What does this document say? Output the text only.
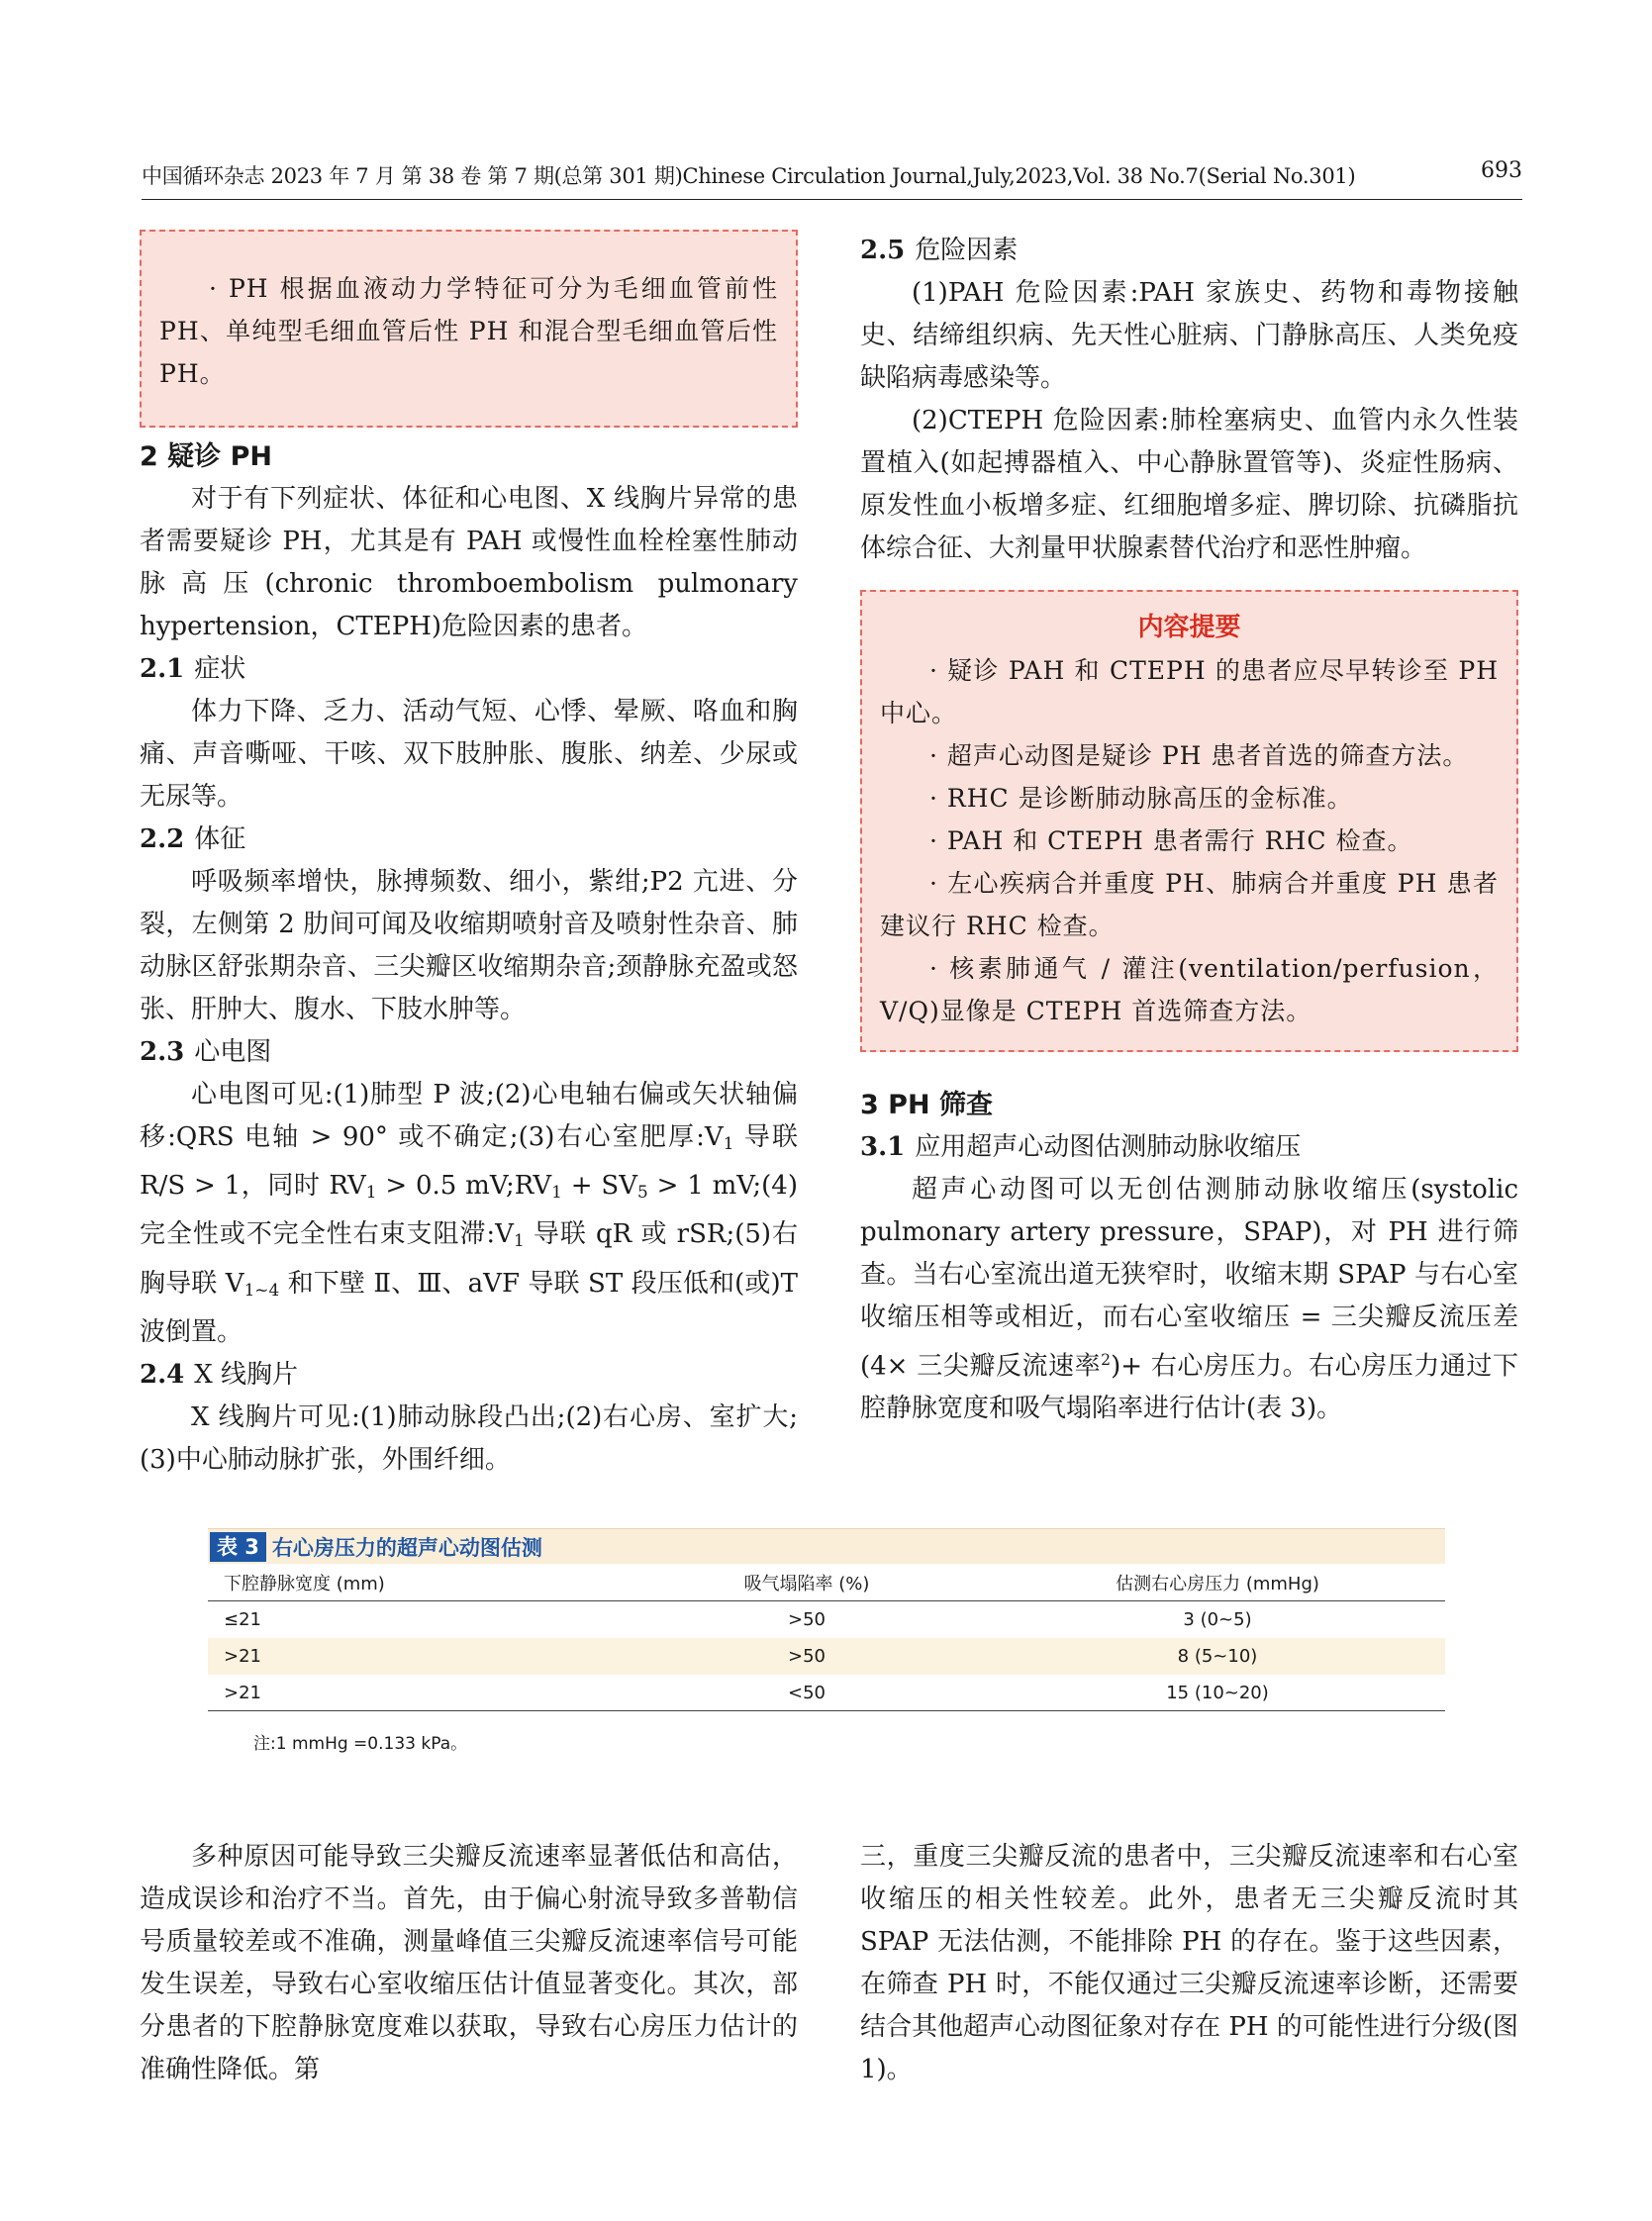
中国循环杂志 2023 年 7 月 第 38 卷 第 7 期(总第 301 期)Chinese Circulation Journal,July,2023,Vol. 38 No.7(Serial No.301)	693

· PH 根据血液动力学特征可分为毛细血管前性 PH、单纯型毛细血管后性 PH 和混合型毛细血管后性 PH。

2 疑诊 PH

对于有下列症状、体征和心电图、X 线胸片异常的患者需要疑诊 PH，尤其是有 PAH 或慢性血栓栓塞性肺动脉高压(chronic thromboembolism pulmonary hypertension，CTEPH)危险因素的患者。

2.1 症状

体力下降、乏力、活动气短、心悸、晕厥、咯血和胸痛、声音嘶哑、干咳、双下肢肿胀、腹胀、纳差、少尿或无尿等。

2.2 体征

呼吸频率增快，脉搏频数、细小，紫绀;P2 亢进、分裂，左侧第 2 肋间可闻及收缩期喷射音及喷射性杂音、肺动脉区舒张期杂音、三尖瓣区收缩期杂音;颈静脉充盈或怒张、肝肿大、腹水、下肢水肿等。

2.3 心电图

心电图可见:(1)肺型 P 波;(2)心电轴右偏或矢状轴偏移:QRS 电轴 > 90° 或不确定;(3)右心室肥厚$:V_1$ 导联 R/S > 1，同时 $RV_1 > 0.5$ $mV;RV_1 + SV_5 > 1$ mV;(4)完全性或不完全性右束支阻滞$:V_1$ 导联 qR 或 rSR;(5)右胸导联 $V_{1\sim 4}$ 和下壁 Ⅱ、Ⅲ、aVF 导联 ST 段压低和(或)T 波倒置。

2.4 X 线胸片

X 线胸片可见:(1)肺动脉段凸出;(2)右心房、室扩大;(3)中心肺动脉扩张，外围纤细。

2.5 危险因素

(1)PAH 危险因素:PAH 家族史、药物和毒物接触史、结缔组织病、先天性心脏病、门静脉高压、人类免疫缺陷病毒感染等。

(2)CTEPH 危险因素:肺栓塞病史、血管内永久性装置植入(如起搏器植入、中心静脉置管等)、炎症性肠病、原发性血小板增多症、红细胞增多症、脾切除、抗磷脂抗体综合征、大剂量甲状腺素替代治疗和恶性肿瘤。

内容提要

· 疑诊 PAH 和 CTEPH 的患者应尽早转诊至 PH 中心。

· 超声心动图是疑诊 PH 患者首选的筛查方法。

· RHC 是诊断肺动脉高压的金标准。

· PAH 和 CTEPH 患者需行 RHC 检查。

· 左心疾病合并重度 PH、肺病合并重度 PH 患者建议行 RHC 检查。

· 核素肺通气 / 灌注(ventilation/perfusion，V/Q)显像是 CTEPH 首选筛查方法。

3 PH 筛查
3.1 应用超声心动图估测肺动脉收缩压

超声心动图可以无创估测肺动脉收缩压(systolic pulmonary artery pressure，SPAP)，对 PH 进行筛查。当右心室流出道无狭窄时，收缩末期 SPAP 与右心室收缩压相等或相近，而右心室收缩压 = 三尖瓣反流压差(4× 三尖瓣反流速率$^2$)+ 右心房压力。右心房压力通过下腔静脉宽度和吸气塌陷率进行估计(表 3)。

表 3 右心房压力的超声心动图估测
下腔静脉宽度 (mm)	吸气塌陷率 (%)	估测右心房压力 (mmHg)
≤21	>50	3 (0~5)
>21	>50	8 (5~10)
>21	<50	15 (10~20)
注:1 mmHg =0.133 kPa。

多种原因可能导致三尖瓣反流速率显著低估和高估，造成误诊和治疗不当。首先，由于偏心射流导致多普勒信号质量较差或不准确，测量峰值三尖瓣反流速率信号可能发生误差，导致右心室收缩压估计值显著变化。其次，部分患者的下腔静脉宽度难以获取，导致右心房压力估计的准确性降低。第

三，重度三尖瓣反流的患者中，三尖瓣反流速率和右心室收缩压的相关性较差。此外，患者无三尖瓣反流时其 SPAP 无法估测，不能排除 PH 的存在。鉴于这些因素，在筛查 PH 时，不能仅通过三尖瓣反流速率诊断，还需要结合其他超声心动图征象对存在 PH 的可能性进行分级(图 1)。
